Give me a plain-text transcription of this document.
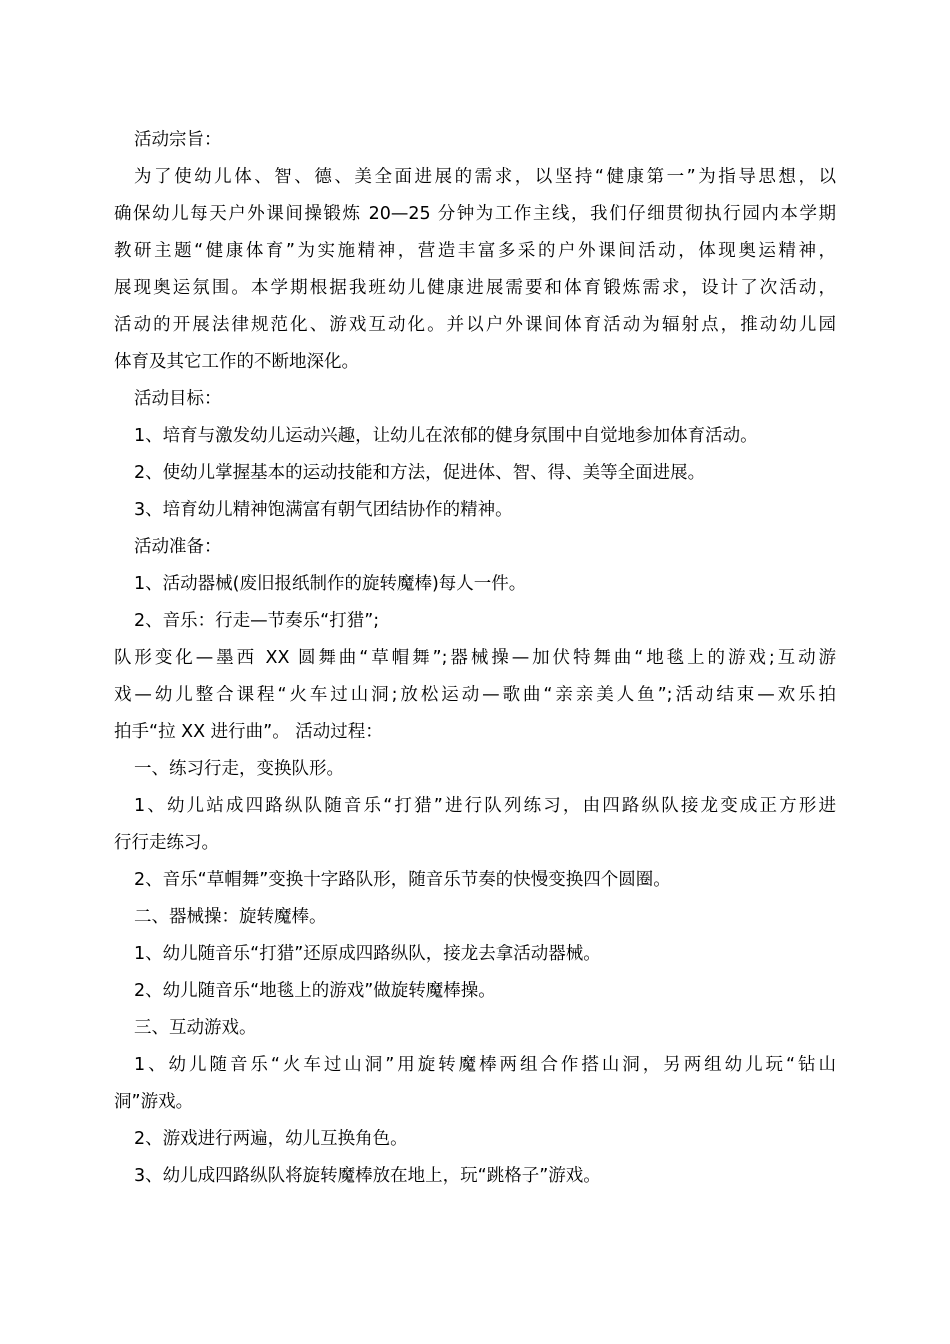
活动宗旨：
为了使幼儿体、智、德、美全面进展的需求，以坚持“健康第一”为指导思想，以
确保幼儿每天户外课间操锻炼 20—25 分钟为工作主线，我们仔细贯彻执行园内本学期
教研主题“健康体育”为实施精神，营造丰富多采的户外课间活动，体现奥运精神，
展现奥运氛围。本学期根据我班幼儿健康进展需要和体育锻炼需求，设计了次活动，
活动的开展法律规范化、游戏互动化。并以户外课间体育活动为辐射点，推动幼儿园
体育及其它工作的不断地深化。
活动目标：
1、培育与激发幼儿运动兴趣，让幼儿在浓郁的健身氛围中自觉地参加体育活动。
2、使幼儿掌握基本的运动技能和方法，促进体、智、得、美等全面进展。
3、培育幼儿精神饱满富有朝气团结协作的精神。
活动准备：
1、活动器械(废旧报纸制作的旋转魔棒)每人一件。
2、音乐：行走—节奏乐“打猎”;
队形变化—墨西 XX 圆舞曲“草帽舞”;器械操—加伏特舞曲“地毯上的游戏;互动游
戏—幼儿整合课程“火车过山洞;放松运动—歌曲“亲亲美人鱼”;活动结束—欢乐拍
拍手“拉 XX 进行曲”。 活动过程：
一、练习行走，变换队形。
1、幼儿站成四路纵队随音乐“打猎”进行队列练习，由四路纵队接龙变成正方形进
行行走练习。
2、音乐“草帽舞”变换十字路队形，随音乐节奏的快慢变换四个圆圈。
二、器械操：旋转魔棒。
1、幼儿随音乐“打猎”还原成四路纵队，接龙去拿活动器械。
2、幼儿随音乐“地毯上的游戏”做旋转魔棒操。
三、互动游戏。
1、幼儿随音乐“火车过山洞”用旋转魔棒两组合作搭山洞，另两组幼儿玩“钻山
洞”游戏。
2、游戏进行两遍，幼儿互换角色。
3、幼儿成四路纵队将旋转魔棒放在地上，玩“跳格子”游戏。
